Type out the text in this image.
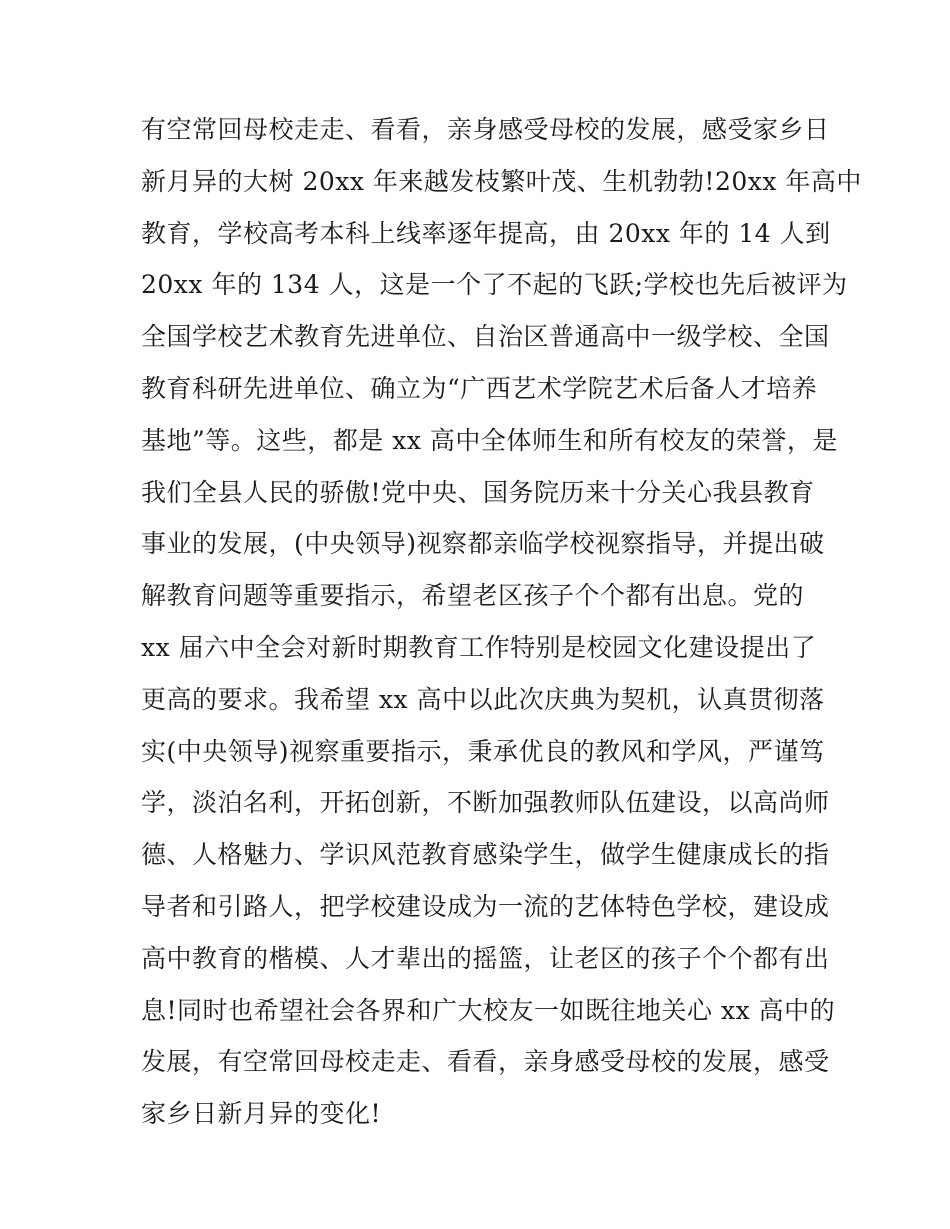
有空常回母校走走、看看，亲身感受母校的发展，感受家乡日
新月异的大树 20xx 年来越发枝繁叶茂、生机勃勃!20xx 年高中
教育，学校高考本科上线率逐年提高，由 20xx 年的 14 人到
20xx 年的 134 人，这是一个了不起的飞跃;学校也先后被评为
全国学校艺术教育先进单位、自治区普通高中一级学校、全国
教育科研先进单位、确立为“广西艺术学院艺术后备人才培养
基地”等。这些，都是 xx 高中全体师生和所有校友的荣誉，是
我们全县人民的骄傲!党中央、国务院历来十分关心我县教育
事业的发展，(中央领导)视察都亲临学校视察指导，并提出破
解教育问题等重要指示，希望老区孩子个个都有出息。党的
xx 届六中全会对新时期教育工作特别是校园文化建设提出了
更高的要求。我希望 xx 高中以此次庆典为契机，认真贯彻落
实(中央领导)视察重要指示，秉承优良的教风和学风，严谨笃
学，淡泊名利，开拓创新，不断加强教师队伍建设，以高尚师
德、人格魅力、学识风范教育感染学生，做学生健康成长的指
导者和引路人，把学校建设成为一流的艺体特色学校，建设成
高中教育的楷模、人才辈出的摇篮，让老区的孩子个个都有出
息!同时也希望社会各界和广大校友一如既往地关心 xx 高中的
发展，有空常回母校走走、看看，亲身感受母校的发展，感受
家乡日新月异的变化!
